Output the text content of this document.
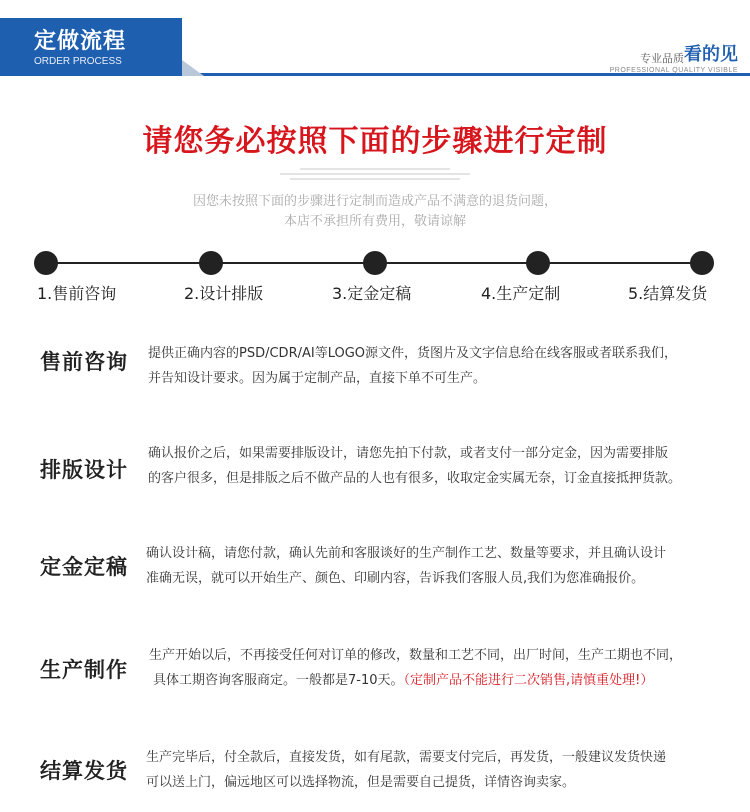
定做流程
ORDER PROCESS	专业品质看的见
PROFESSIONAL QUALITY VISIBLE
请您务必按照下面的步骤进行定制
因您未按照下面的步骤进行定制而造成产品不满意的退货问题，
本店不承担所有费用，敬请谅解
1.售前咨询	2.设计排版	3.定金定稿	4.生产定制	5.结算发货
售前咨询 提供正确内容的PSD/CDR/AI等LOGO源文件，货图片及文字信息给在线客服或者联系我们，
并告知设计要求。因为属于定制产品，直接下单不可生产。
排版设计
确认报价之后，如果需要排版设计，请您先拍下付款，或者支付一部分定金，因为需要排版
的客户很多，但是排版之后不做产品的人也有很多，收取定金实属无奈，订金直接抵押货款。
定金定稿
确认设计稿，请您付款，确认先前和客服谈好的生产制作工艺、数量等要求，并且确认设计
准确无误，就可以开始生产、颜色、印刷内容，告诉我们客服人员,我们为您准确报价。
生产制作
生产开始以后，不再接受任何对订单的修改，数量和工艺不同，出厂时间，生产工期也不同，
具体工期咨询客服商定。一般都是7-10天。（定制产品不能进行二次销售,请慎重处理!）
结算发货
生产完毕后，付全款后，直接发货，如有尾款，需要支付完后，再发货，一般建议发货快递
可以送上门，偏远地区可以选择物流，但是需要自己提货，详情咨询卖家。
